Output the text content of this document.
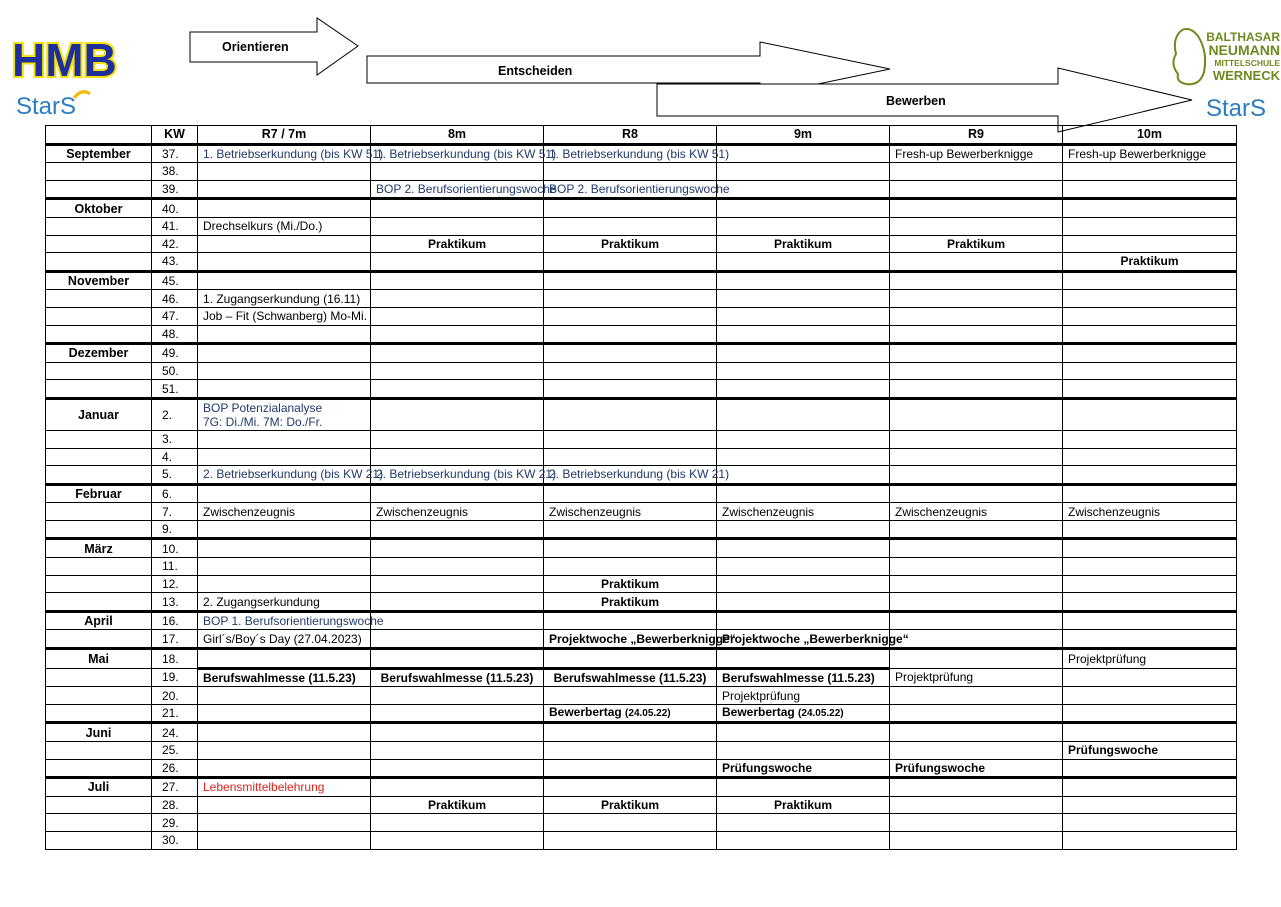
HMB
StarS
BALTHASAR
NEUMANN
MITTELSCHULE
WERNECK
StarS
Orientieren
Entscheiden
Bewerben
	KW	R7 / 7m	8m	R8	9m	R9	10m
September	37.	1. Betriebserkundung (bis KW 51)	1. Betriebserkundung (bis KW 51)	1. Betriebserkundung (bis KW 51)		Fresh-up Bewerberknigge	Fresh-up Bewerberknigge
	38.						
	39.		BOP 2. Berufsorientierungswoche	BOP 2. Berufsorientierungswoche			
Oktober	40.						
	41.	Drechselkurs (Mi./Do.)					
	42.		Praktikum	Praktikum	Praktikum	Praktikum	
	43.						Praktikum
November	45.						
	46.	1. Zugangserkundung (16.11)					
	47.	Job – Fit (Schwanberg) Mo-Mi.					
	48.						
Dezember	49.						
	50.						
	51.						
Januar	2.	BOP Potenzialanalyse
7G: Di./Mi. 7M: Do./Fr.					
	3.						
	4.						
	5.	2. Betriebserkundung (bis KW 21)	2. Betriebserkundung (bis KW 21)	2. Betriebserkundung (bis KW 21)			
Februar	6.						
	7.	Zwischenzeugnis	Zwischenzeugnis	Zwischenzeugnis	Zwischenzeugnis	Zwischenzeugnis	Zwischenzeugnis
	9.						
März	10.						
	11.						
	12.			Praktikum			
	13.	2. Zugangserkundung		Praktikum			
April	16.	BOP 1. Berufsorientierungswoche					
	17.	Girl´s/Boy´s Day (27.04.2023)		Projektwoche „Bewerberknigge“	Projektwoche „Bewerberknigge“		
Mai	18.						Projektprüfung
	19.	Berufswahlmesse (11.5.23)	Berufswahlmesse (11.5.23)	Berufswahlmesse (11.5.23)	Berufswahlmesse (11.5.23)	Projektprüfung	
	20.				Projektprüfung		
	21.			Bewerbertag (24.05.22)	Bewerbertag (24.05.22)		
Juni	24.						
	25.						Prüfungswoche
	26.				Prüfungswoche	Prüfungswoche	
Juli	27.	Lebensmittelbelehrung					
	28.		Praktikum	Praktikum	Praktikum		
	29.						
	30.						
